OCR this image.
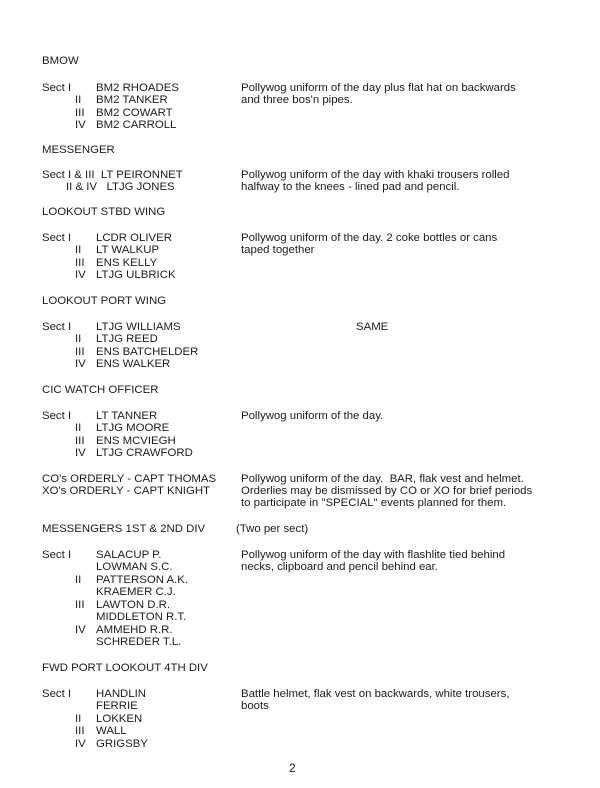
BMOW
Sect I BM2 RHOADES
II BM2 TANKER
III BM2 COWART
IV BM2 CARROLL
Pollywog uniform of the day plus flat hat on backwards
and three bos'n pipes.
MESSENGER
Sect I & III  LT PEIRONNET
II & IV   LTJG JONES
Pollywog uniform of the day with khaki trousers rolled
halfway to the knees - lined pad and pencil.
LOOKOUT STBD WING
Sect I LCDR OLIVER
II LT WALKUP
III ENS KELLY
IV LTJG ULBRICK
Pollywog uniform of the day. 2 coke bottles or cans
taped together
LOOKOUT PORT WING
Sect I LTJG WILLIAMS
II LTJG REED
III ENS BATCHELDER
IV ENS WALKER
SAME
CIC WATCH OFFICER
Sect I LT TANNER
II LTJG MOORE
III ENS MCVIEGH
IV LTJG CRAWFORD
Pollywog uniform of the day.
CO's ORDERLY - CAPT THOMAS
XO's ORDERLY - CAPT KNIGHT
Pollywog uniform of the day.  BAR, flak vest and helmet.
Orderlies may be dismissed by CO or XO for brief periods
to participate in "SPECIAL" events planned for them.
MESSENGERS 1ST & 2ND DIV	(Two per sect)
Sect I SALACUP P.
LOWMAN S.C.
II PATTERSON A.K.
KRAEMER C.J.
III LAWTON D.R.
MIDDLETON R.T.
IV AMMEHD R.R.
SCHREDER T.L.
Pollywog uniform of the day with flashlite tied behind
necks, clipboard and pencil behind ear.
FWD PORT LOOKOUT 4TH DIV
Sect I HANDLIN
FERRIE
II LOKKEN
III WALL
IV GRIGSBY
Battle helmet, flak vest on backwards, white trousers,
boots
2
